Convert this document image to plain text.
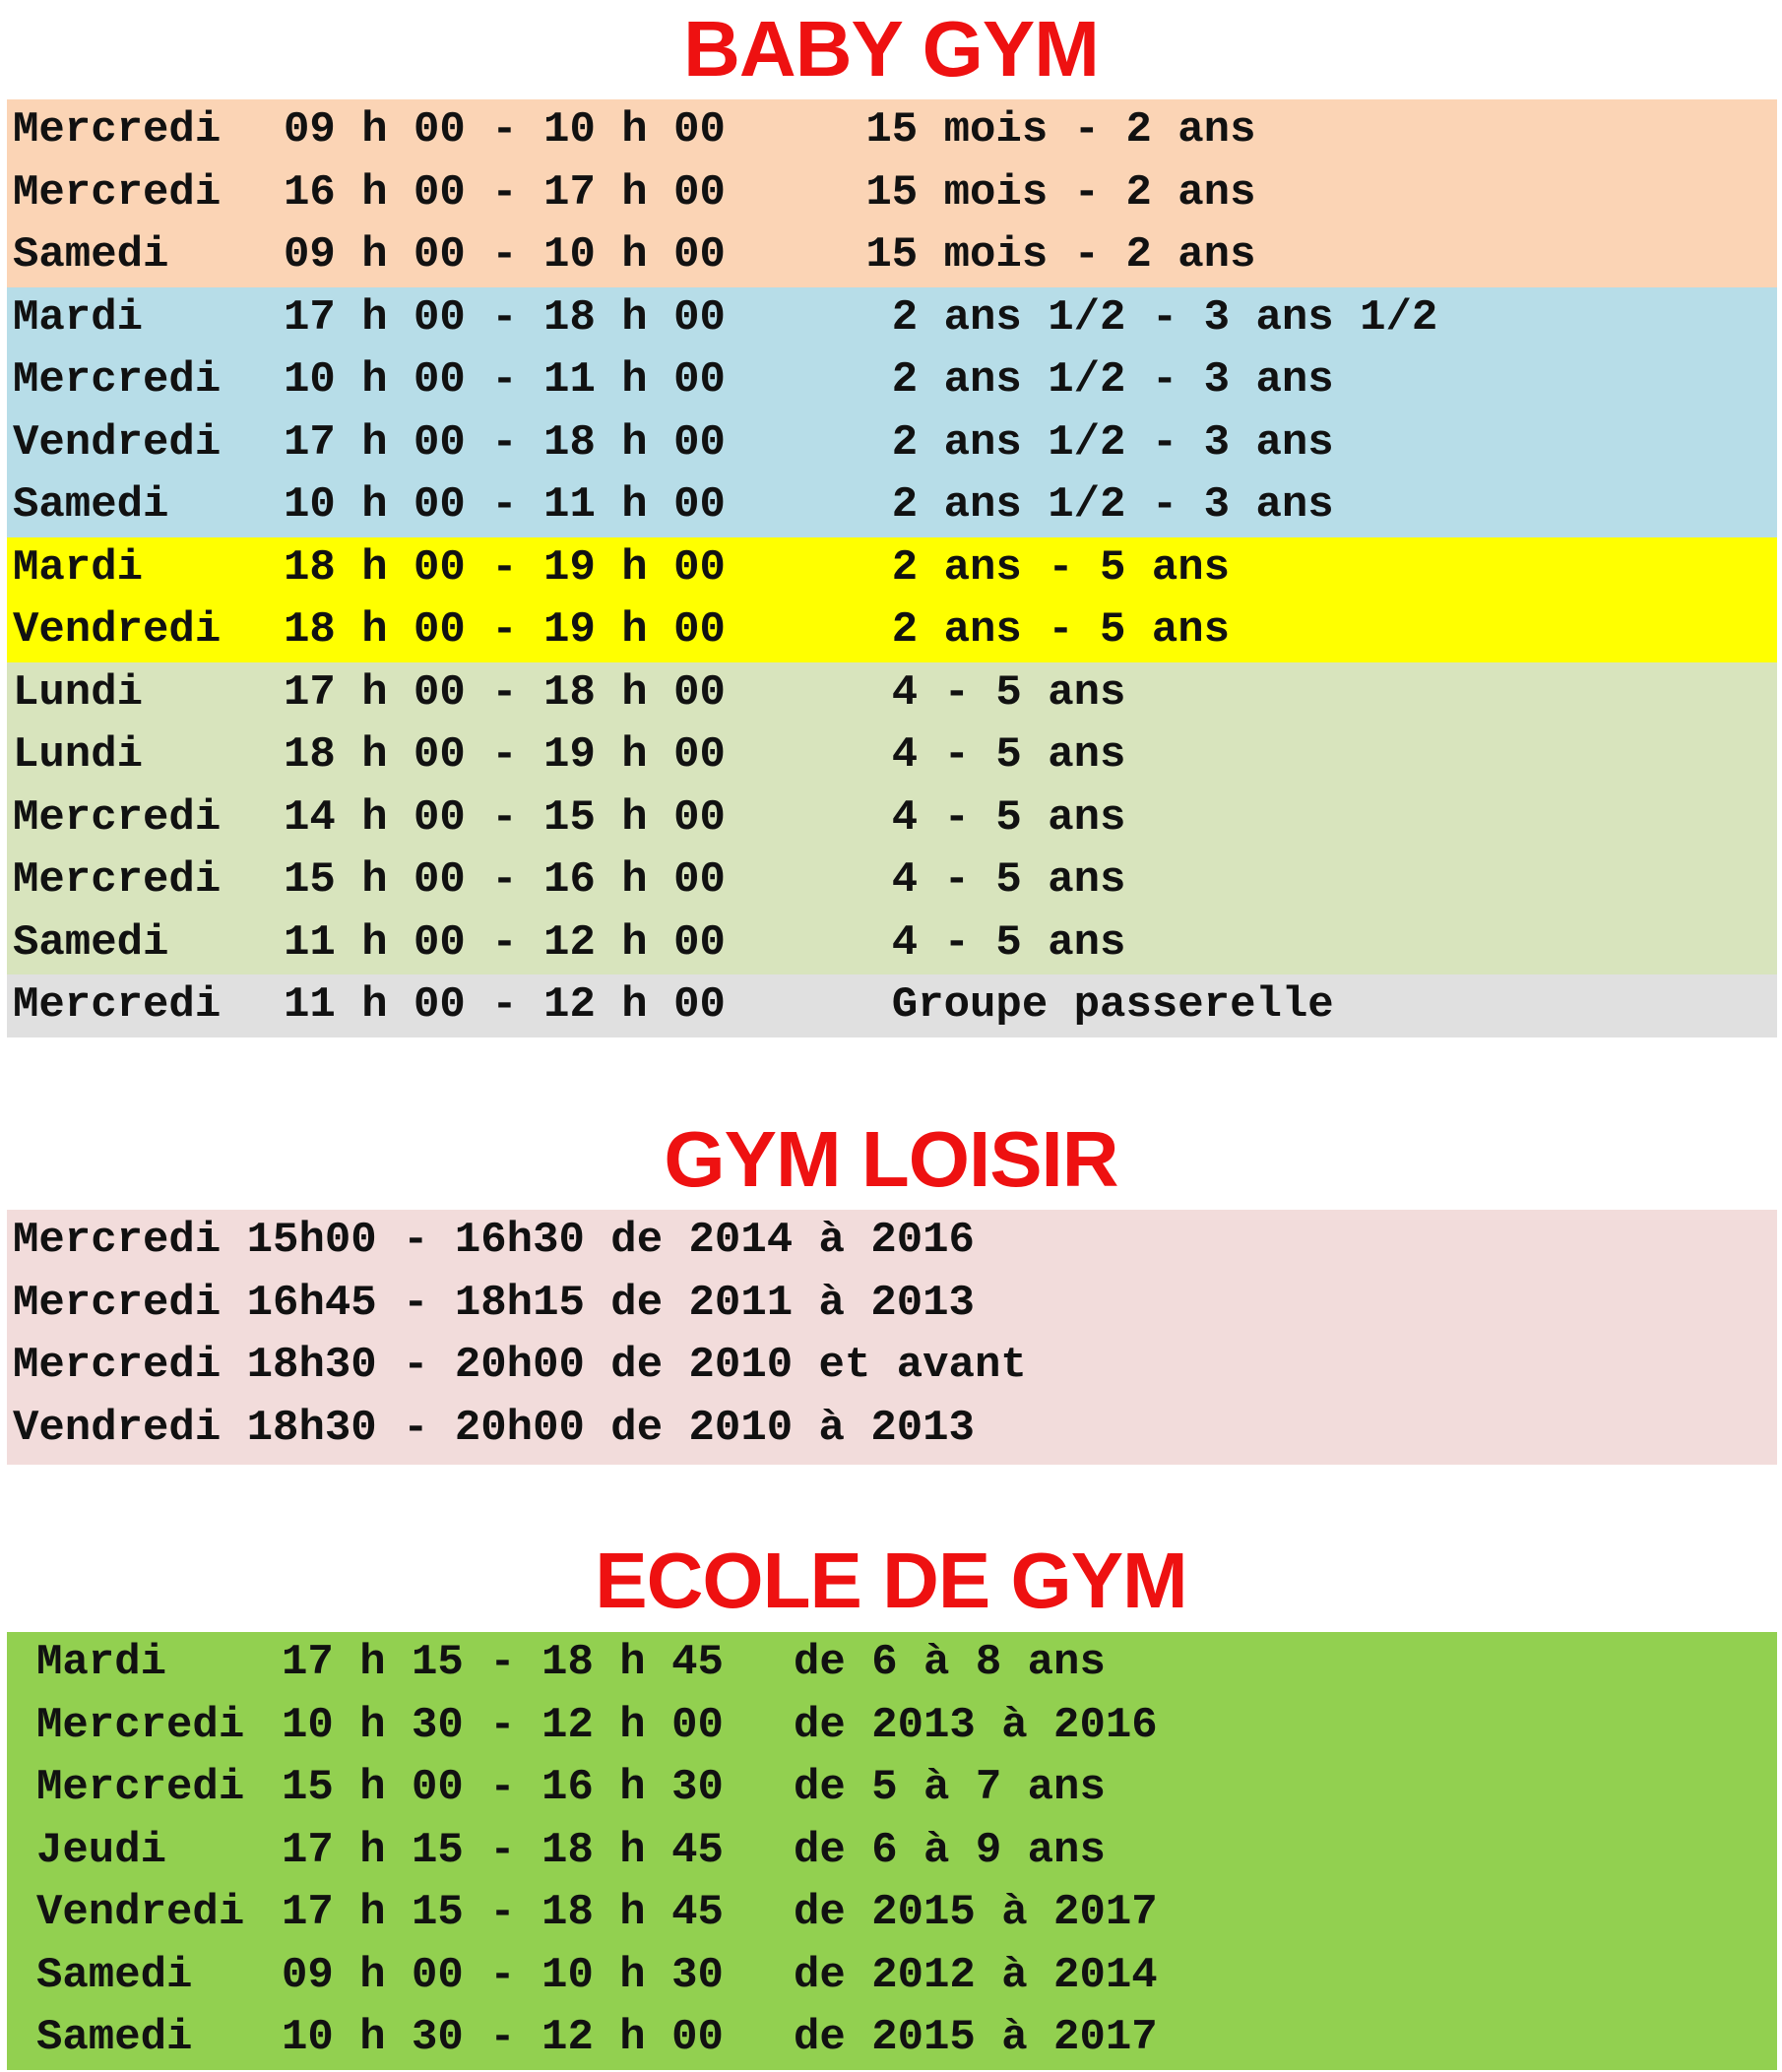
BABY GYM
Mercredi 09 h 00 - 10 h 00	15 mois - 2 ans
Mercredi 16 h 00 - 17 h 00	15 mois - 2 ans
Samedi	09 h 00 - 10 h 00	15 mois - 2 ans
Mardi	17 h 00 - 18 h 00	2 ans 1/2 - 3 ans 1/2
Mercredi 10 h 00 - 11 h 00	2 ans 1/2 - 3 ans
Vendredi 17 h 00 - 18 h 00	2 ans 1/2 - 3 ans
Samedi	10 h 00 - 11 h 00	2 ans 1/2 - 3 ans
Mardi	18 h 00 - 19 h 00	2 ans - 5 ans
Vendredi 18 h 00 - 19 h 00	2 ans - 5 ans
Lundi	17 h 00 - 18 h 00	4 - 5 ans
Lundi	18 h 00 - 19 h 00	4 - 5 ans
Mercredi 14 h 00 - 15 h 00	4 - 5 ans
Mercredi 15 h 00 - 16 h 00	4 - 5 ans
Samedi	11 h 00 - 12 h 00	4 - 5 ans
Mercredi 11 h 00 - 12 h 00	Groupe passerelle
GYM LOISIR
Mercredi 15h00 - 16h30 de 2014 à 2016
Mercredi 16h45 - 18h15 de 2011 à 2013
Mercredi 18h30 - 20h00 de 2010 et avant
Vendredi 18h30 - 20h00 de 2010 à 2013
ECOLE DE GYM
Mardi	17 h 15 - 18 h 45 de 6 à 8 ans
Mercredi 10 h 30 - 12 h 00 de 2013 à 2016
Mercredi 15 h 00 - 16 h 30 de 5 à 7 ans
Jeudi	17 h 15 - 18 h 45 de 6 à 9 ans
Vendredi 17 h 15 - 18 h 45 de 2015 à 2017
Samedi 09 h 00 - 10 h 30 de 2012 à 2014
Samedi 10 h 30 - 12 h 00 de 2015 à 2017
